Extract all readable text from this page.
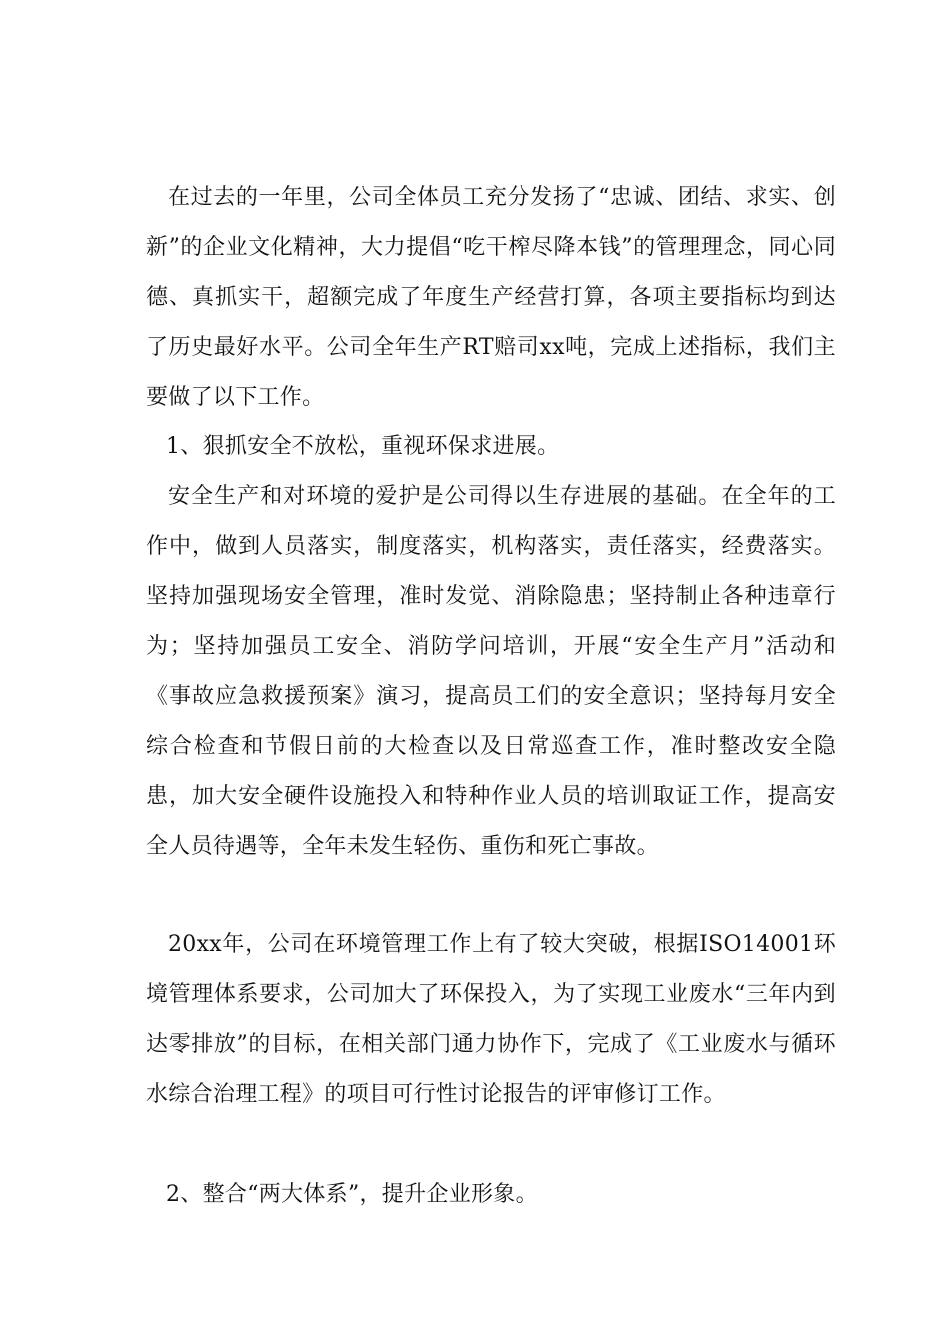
在过去的一年里，公司全体员工充分发扬了“忠诚、团结、求实、创新”的企业文化精神，大力提倡“吃干榨尽降本钱”的管理理念，同心同德、真抓实干，超额完成了年度生产经营打算，各项主要指标均到达了历史最好水平。公司全年生产RT赔司xx吨，完成上述指标，我们主要做了以下工作。

1、狠抓安全不放松，重视环保求进展。

安全生产和对环境的爱护是公司得以生存进展的基础。在全年的工作中，做到人员落实，制度落实，机构落实，责任落实，经费落实。坚持加强现场安全管理，准时发觉、消除隐患；坚持制止各种违章行为；坚持加强员工安全、消防学问培训，开展“安全生产月”活动和《事故应急救援预案》演习，提高员工们的安全意识；坚持每月安全综合检查和节假日前的大检查以及日常巡查工作，准时整改安全隐患，加大安全硬件设施投入和特种作业人员的培训取证工作，提高安全人员待遇等，全年未发生轻伤、重伤和死亡事故。

20xx年，公司在环境管理工作上有了较大突破，根据ISO14001环境管理体系要求，公司加大了环保投入，为了实现工业废水“三年内到达零排放”的目标，在相关部门通力协作下，完成了《工业废水与循环水综合治理工程》的项目可行性讨论报告的评审修订工作。

2、整合“两大体系”，提升企业形象。
